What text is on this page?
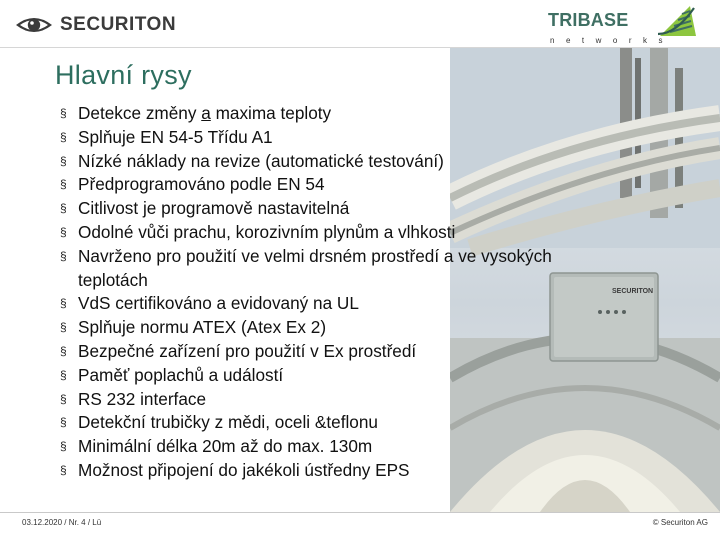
SECURITON	TRIBASE
networks
SECURITON
Hlavní rysy
§ Detekce změny a maxima teploty
§ Splňuje EN 54-5 Třídu A1
§ Nízké náklady na revize (automatické testování)
§ Předprogramováno podle EN 54
§ Citlivost je programově nastavitelná
§ Odolné vůči prachu, korozivním plynům a vlhkosti
§ Navrženo pro použití ve velmi drsném prostředí a ve vysokých teplotách
§ VdS certifikováno a evidovaný na UL
§ Splňuje normu ATEX (Atex Ex 2)
§ Bezpečné zařízení pro použití v Ex prostředí
§ Paměť poplachů a událostí
§ RS 232 interface
§ Detekční trubičky z mědi, oceli &teflonu
§ Minimální délka 20m až do max. 130m
§ Možnost připojení do jakékoli ústředny EPS
03.12.2020 / Nr. 4 / Lü	© Securiton AG
